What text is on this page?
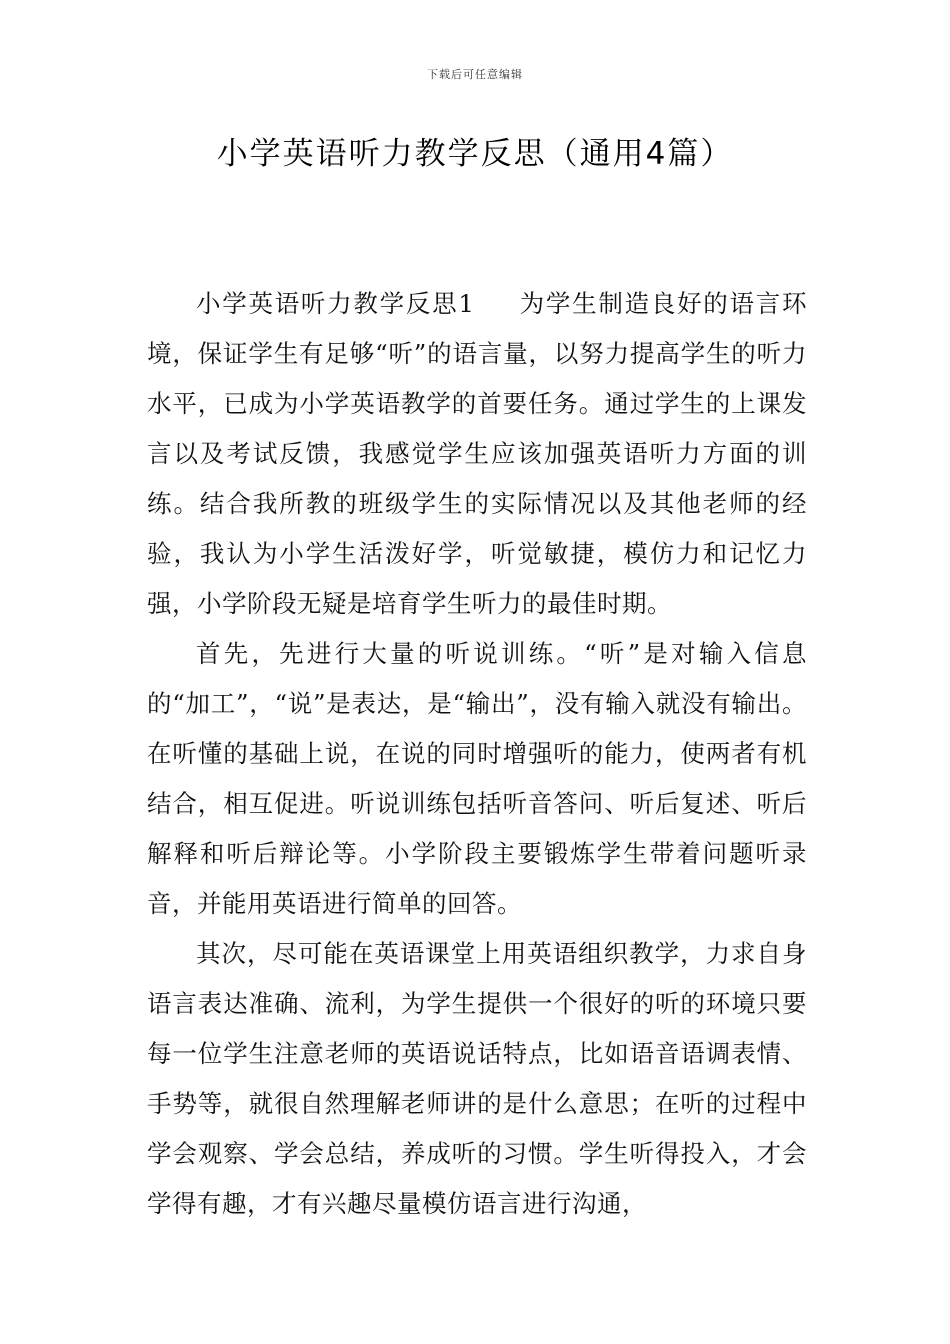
下载后可任意编辑
小学英语听力教学反思（通用4篇）

小学英语听力教学反思1 为学生制造良好的语言环境，保证学生有足够“听”的语言量，以努力提高学生的听力水平，已成为小学英语教学的首要任务。通过学生的上课发言以及考试反馈，我感觉学生应该加强英语听力方面的训练。结合我所教的班级学生的实际情况以及其他老师的经验，我认为小学生活泼好学，听觉敏捷，模仿力和记忆力强，小学阶段无疑是培育学生听力的最佳时期。

首先，先进行大量的听说训练。“听”是对输入信息的“加工”，“说”是表达，是“输出”，没有输入就没有输出。在听懂的基础上说，在说的同时增强听的能力，使两者有机结合，相互促进。听说训练包括听音答问、听后复述、听后解释和听后辩论等。小学阶段主要锻炼学生带着问题听录音，并能用英语进行简单的回答。

其次，尽可能在英语课堂上用英语组织教学，力求自身语言表达准确、流利，为学生提供一个很好的听的环境只要每一位学生注意老师的英语说话特点，比如语音语调表情、手势等，就很自然理解老师讲的是什么意思；在听的过程中学会观察、学会总结，养成听的习惯。学生听得投入，才会学得有趣，才有兴趣尽量模仿语言进行沟通，
